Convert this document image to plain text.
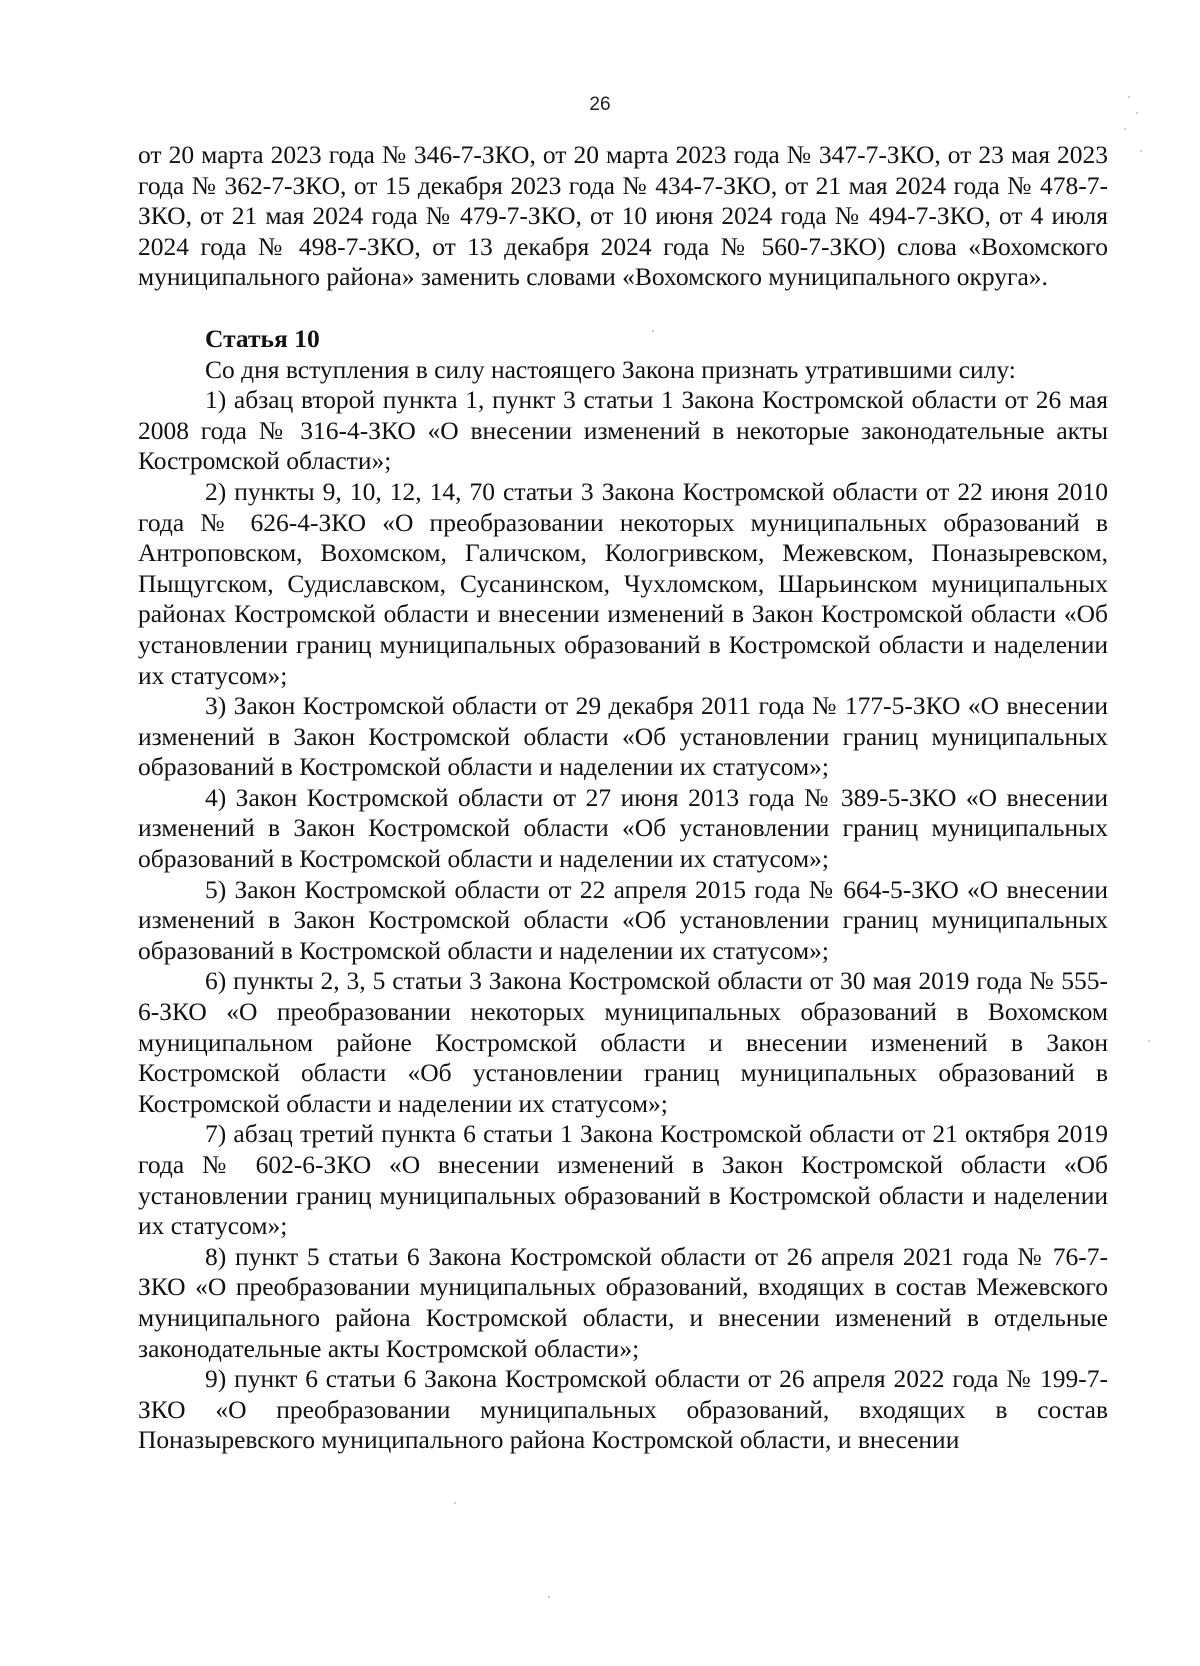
26

от 20 марта 2023 года № 346-7-ЗКО, от 20 марта 2023 года № 347-7-ЗКО, от 23 мая 2023 года № 362-7-ЗКО, от 15 декабря 2023 года № 434-7-ЗКО, от 21 мая 2024 года № 478-7-ЗКО, от 21 мая 2024 года № 479-7-ЗКО, от 10 июня 2024 года № 494-7-ЗКО, от 4 июля 2024 года № 498-7-ЗКО, от 13 декабря 2024 года № 560-7-ЗКО) слова «Вохомского муниципального района» заменить словами «Вохомского муниципального округа».

Статья 10

Со дня вступления в силу настоящего Закона признать утратившими силу:

1) абзац второй пункта 1, пункт 3 статьи 1 Закона Костромской области от 26 мая 2008 года № 316-4-ЗКО «О внесении изменений в некоторые законодательные акты Костромской области»;

2) пункты 9, 10, 12, 14, 70 статьи 3 Закона Костромской области от 22 июня 2010 года № 626-4-ЗКО «О преобразовании некоторых муниципальных образований в Антроповском, Вохомском, Галичском, Кологривском, Межевском, Поназыревском, Пыщугском, Судиславском, Сусанинском, Чухломском, Шарьинском муниципальных районах Костромской области и внесении изменений в Закон Костромской области «Об установлении границ муниципальных образований в Костромской области и наделении их статусом»;

3) Закон Костромской области от 29 декабря 2011 года № 177-5-ЗКО «О внесении изменений в Закон Костромской области «Об установлении границ муниципальных образований в Костромской области и наделении их статусом»;

4) Закон Костромской области от 27 июня 2013 года № 389-5-ЗКО «О внесении изменений в Закон Костромской области «Об установлении границ муниципальных образований в Костромской области и наделении их статусом»;

5) Закон Костромской области от 22 апреля 2015 года № 664-5-ЗКО «О внесении изменений в Закон Костромской области «Об установлении границ муниципальных образований в Костромской области и наделении их статусом»;

6) пункты 2, 3, 5 статьи 3 Закона Костромской области от 30 мая 2019 года № 555-6-ЗКО «О преобразовании некоторых муниципальных образований в Вохомском муниципальном районе Костромской области и внесении изменений в Закон Костромской области «Об установлении границ муниципальных образований в Костромской области и наделении их статусом»;

7) абзац третий пункта 6 статьи 1 Закона Костромской области от 21 октября 2019 года № 602-6-ЗКО «О внесении изменений в Закон Костромской области «Об установлении границ муниципальных образований в Костромской области и наделении их статусом»;

8) пункт 5 статьи 6 Закона Костромской области от 26 апреля 2021 года № 76-7-ЗКО «О преобразовании муниципальных образований, входящих в состав Межевского муниципального района Костромской области, и внесении изменений в отдельные законодательные акты Костромской области»;

9) пункт 6 статьи 6 Закона Костромской области от 26 апреля 2022 года № 199-7-ЗКО «О преобразовании муниципальных образований, входящих в состав Поназыревского муниципального района Костромской области, и внесении
